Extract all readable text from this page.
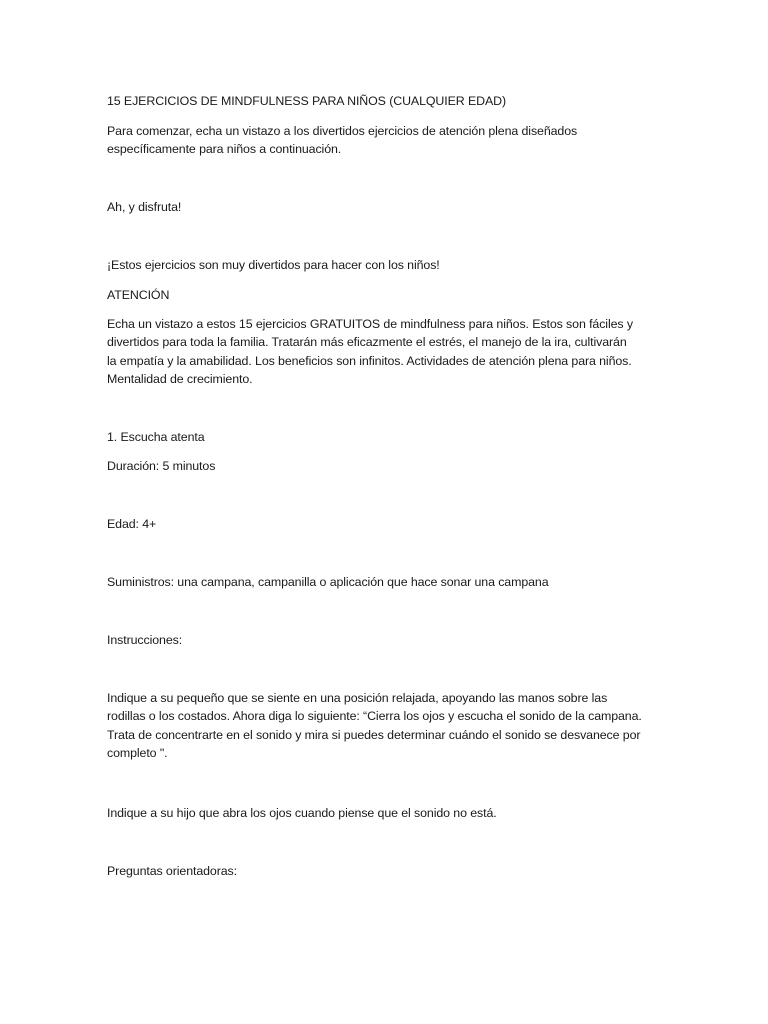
15 EJERCICIOS DE MINDFULNESS PARA NIÑOS (CUALQUIER EDAD)

Para comenzar, echa un vistazo a los divertidos ejercicios de atención plena diseñados

específicamente para niños a continuación.

Ah, y disfruta!

¡Estos ejercicios son muy divertidos para hacer con los niños!

ATENCIÓN

Echa un vistazo a estos 15 ejercicios GRATUITOS de mindfulness para niños. Estos son fáciles y

divertidos para toda la familia. Tratarán más eficazmente el estrés, el manejo de la ira, cultivarán

la empatía y la amabilidad. Los beneficios son infinitos. Actividades de atención plena para niños.

Mentalidad de crecimiento.

1. Escucha atenta

Duración: 5 minutos

Edad: 4+

Suministros: una campana, campanilla o aplicación que hace sonar una campana

Instrucciones:

Indique a su pequeño que se siente en una posición relajada, apoyando las manos sobre las

rodillas o los costados. Ahora diga lo siguiente: “Cierra los ojos y escucha el sonido de la campana.

Trata de concentrarte en el sonido y mira si puedes determinar cuándo el sonido se desvanece por

completo ".

Indique a su hijo que abra los ojos cuando piense que el sonido no está.

Preguntas orientadoras:
